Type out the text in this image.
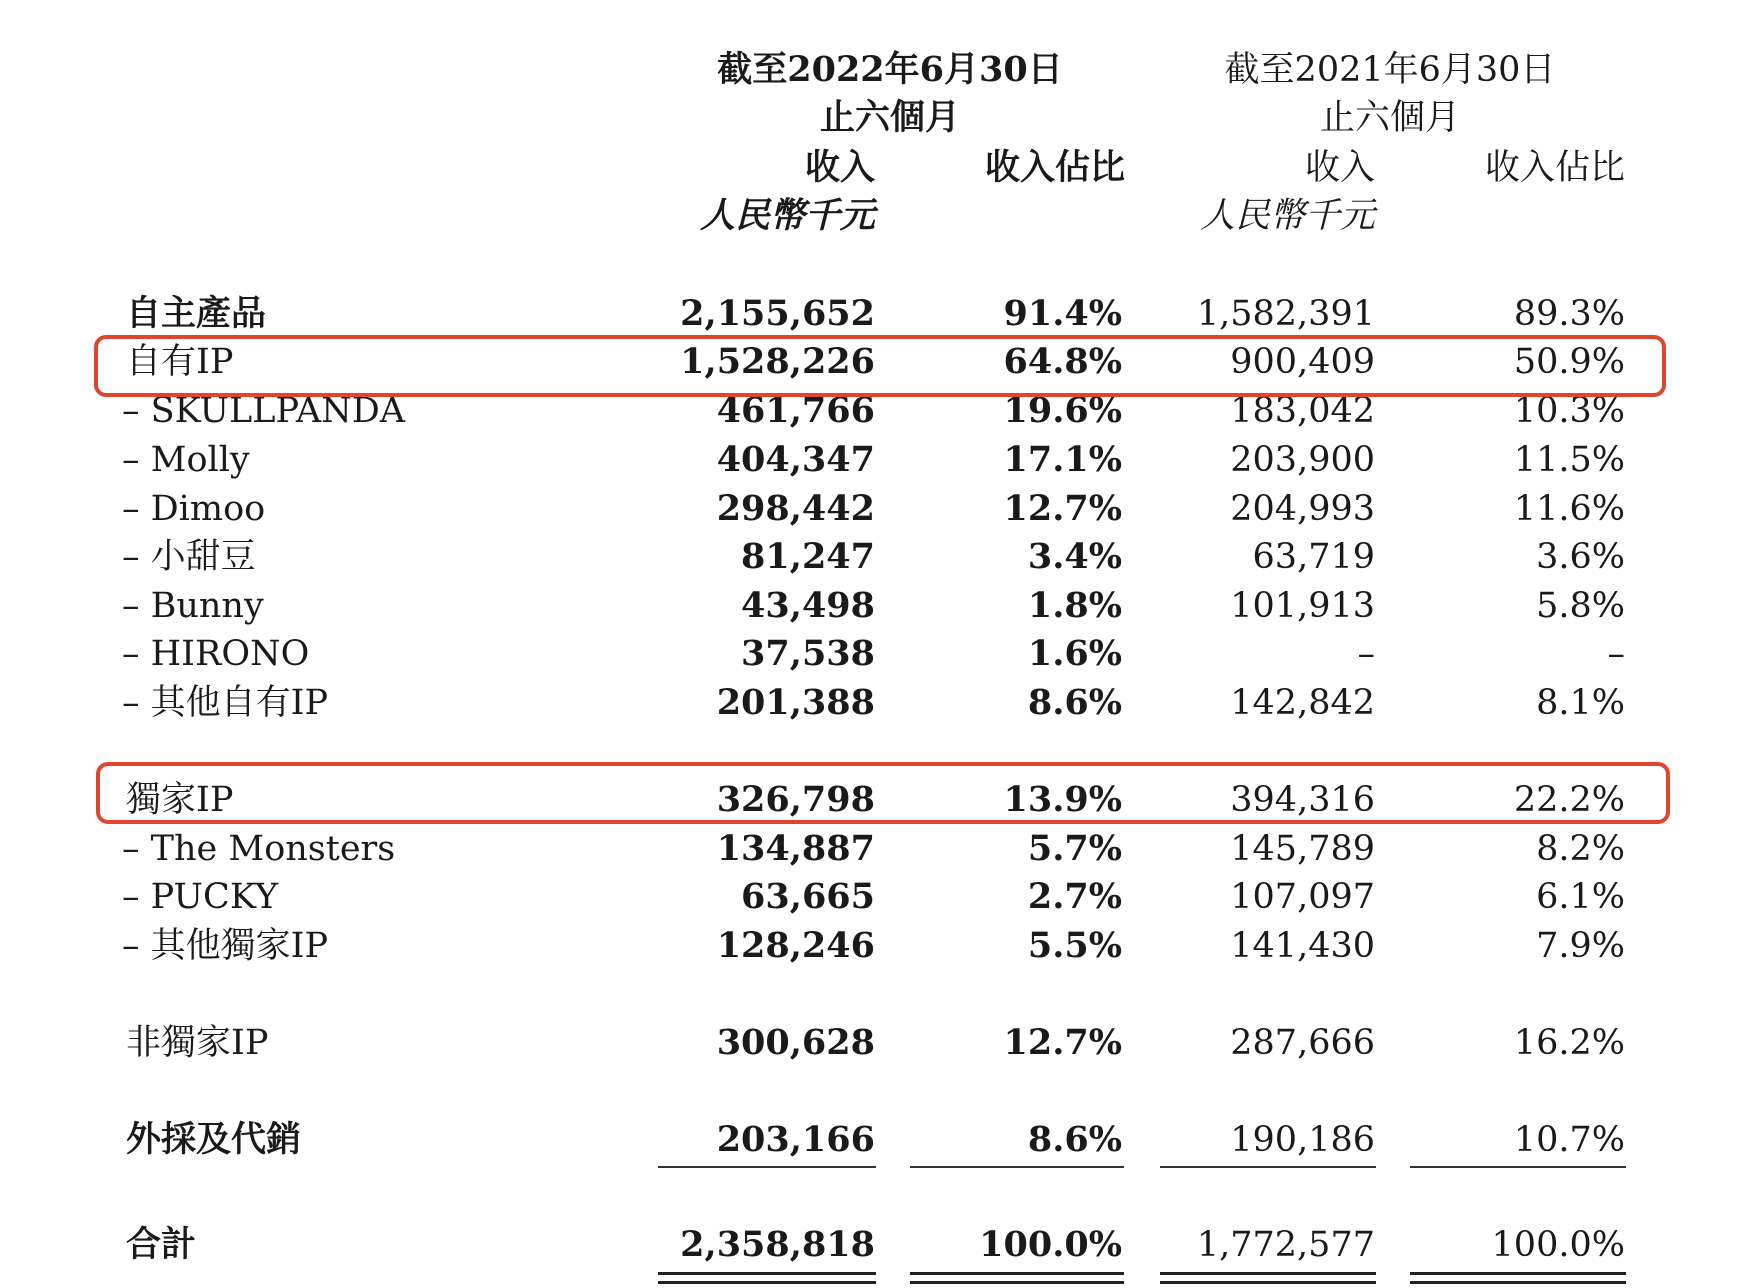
截至2022年6月30日
止六個月
截至2021年6月30日
止六個月
收入	收入佔比	收入	收入佔比
人民幣千元	人民幣千元
自主產品	2,155,652	91.4% 1,582,391	89.3%
自有IP	1,528,226	64.8%	900,409	50.9%
– SKULLPANDA	461,766	19.6%	183,042	10.3%
– Molly	404,347	17.1%	203,900	11.5%
– Dimoo	298,442	12.7%	204,993	11.6%
– 小甜豆	81,247	3.4%	63,719	3.6%
– Bunny	43,498	1.8%	101,913	5.8%
– HIRONO	37,538	1.6%	–	–
– 其他自有IP	201,388	8.6%	142,842	8.1%
獨家IP	326,798	13.9%	394,316	22.2%
– The Monsters	134,887	5.7%	145,789	8.2%
– PUCKY	63,665	2.7%	107,097	6.1%
– 其他獨家IP	128,246	5.5%	141,430	7.9%
非獨家IP	300,628	12.7%	287,666	16.2%
外採及代銷	203,166	8.6%	190,186	10.7%
合計	2,358,818	100.0% 1,772,577	100.0%
